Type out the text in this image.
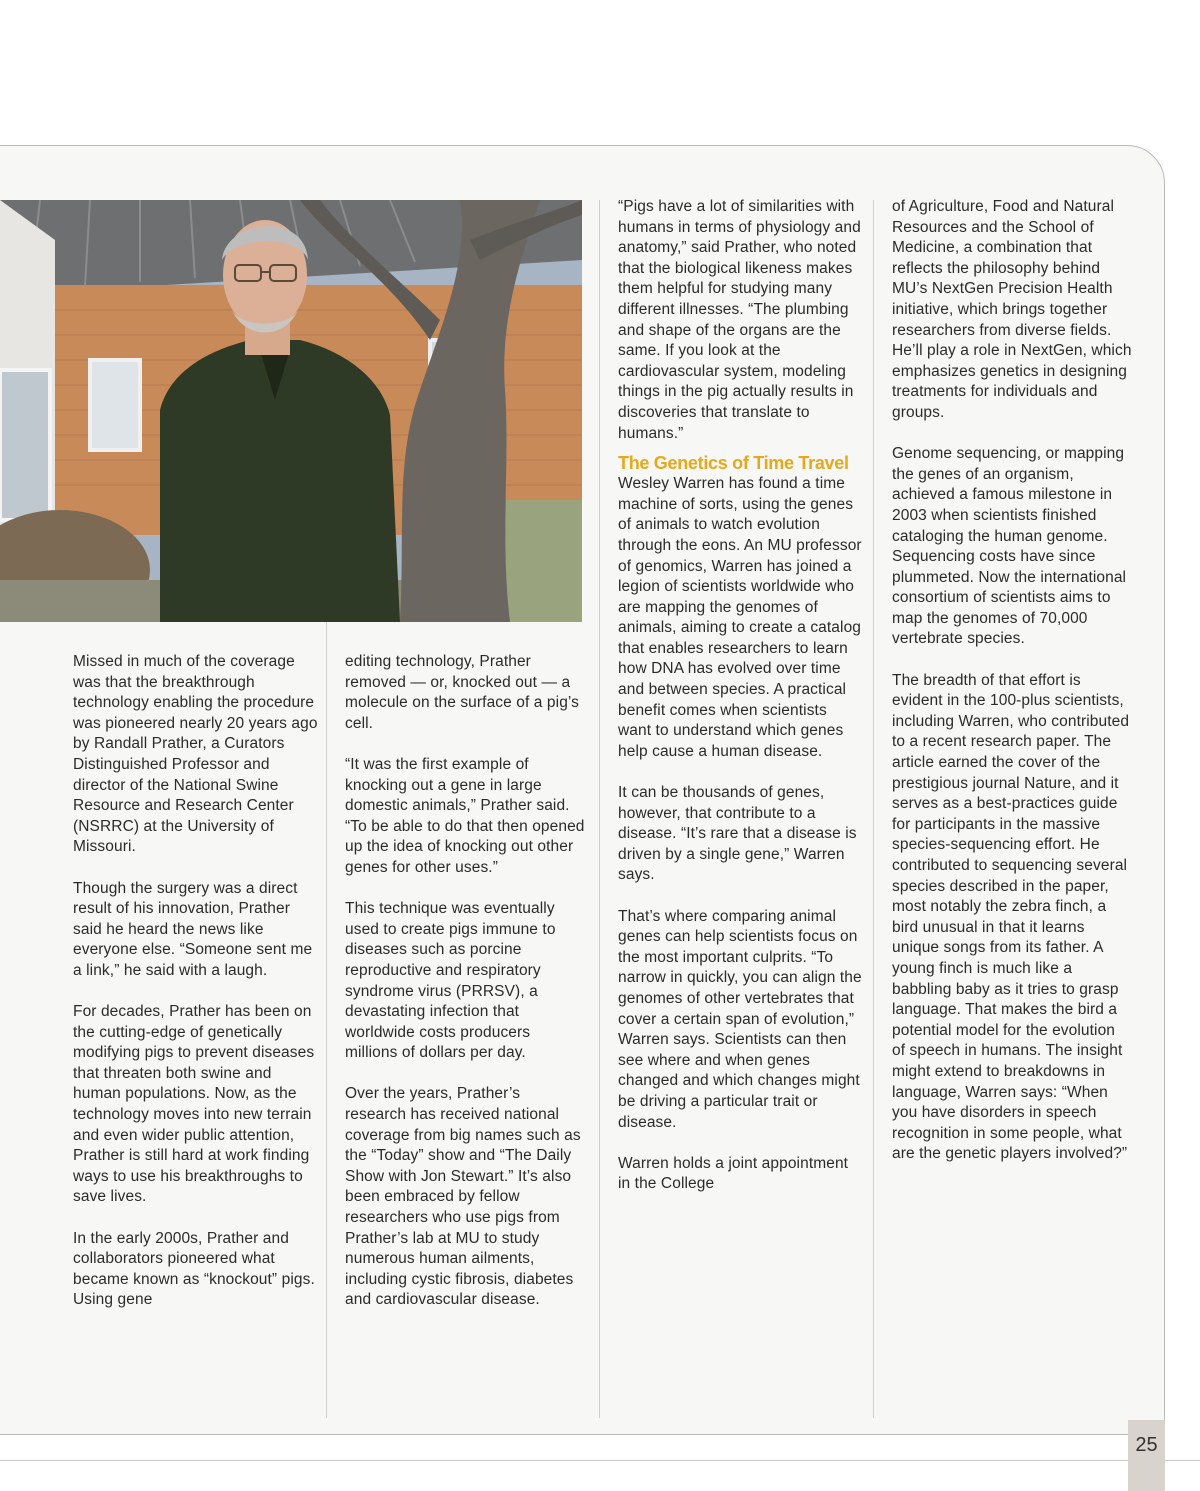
Missed in much of the coverage was that the breakthrough technology enabling the procedure was pioneered nearly 20 years ago by Randall Prather, a Curators Distinguished Professor and director of the National Swine Resource and Research Center (NSRRC) at the University of Missouri.

Though the surgery was a direct result of his innovation, Prather said he heard the news like everyone else. “Someone sent me a link,” he said with a laugh.

For decades, Prather has been on the cutting-edge of genetically modifying pigs to prevent diseases that threaten both swine and human populations. Now, as the technology moves into new terrain and even wider public attention, Prather is still hard at work finding ways to use his breakthroughs to save lives.

In the early 2000s, Prather and collaborators pioneered what became known as “knockout” pigs. Using gene

editing technology, Prather removed — or, knocked out — a molecule on the surface of a pig’s cell.

“It was the first example of knocking out a gene in large domestic animals,” Prather said. “To be able to do that then opened up the idea of knocking out other genes for other uses.”

This technique was eventually used to create pigs immune to diseases such as porcine reproductive and respiratory syndrome virus (PRRSV), a devastating infection that worldwide costs producers millions of dollars per day.

Over the years, Prather’s research has received national coverage from big names such as the “Today” show and “The Daily Show with Jon Stewart.” It’s also been embraced by fellow researchers who use pigs from Prather’s lab at MU to study numerous human ailments, including cystic fibrosis, diabetes and cardiovascular disease.

“Pigs have a lot of similarities with humans in terms of physiology and anatomy,” said Prather, who noted that the biological likeness makes them helpful for studying many different illnesses. “The plumbing and shape of the organs are the same. If you look at the cardiovascular system, modeling things in the pig actually results in discoveries that translate to humans.”

The Genetics of Time Travel

Wesley Warren has found a time machine of sorts, using the genes of animals to watch evolution through the eons. An MU professor of genomics, Warren has joined a legion of scientists worldwide who are mapping the genomes of animals, aiming to create a catalog that enables researchers to learn how DNA has evolved over time and between species. A practical benefit comes when scientists want to understand which genes help cause a human disease.

It can be thousands of genes, however, that contribute to a disease. “It’s rare that a disease is driven by a single gene,” Warren says.

That’s where comparing animal genes can help scientists focus on the most important culprits. “To narrow in quickly, you can align the genomes of other vertebrates that cover a certain span of evolution,” Warren says. Scientists can then see where and when genes changed and which changes might be driving a particular trait or disease.

Warren holds a joint appointment in the College

of Agriculture, Food and Natural Resources and the School of Medicine, a combination that reflects the philosophy behind MU’s NextGen Precision Health initiative, which brings together researchers from diverse fields. He’ll play a role in NextGen, which emphasizes genetics in designing treatments for individuals and groups.

Genome sequencing, or mapping the genes of an organism, achieved a famous milestone in 2003 when scientists finished cataloging the human genome. Sequencing costs have since plummeted. Now the international consortium of scientists aims to map the genomes of 70,000 vertebrate species.

The breadth of that effort is evident in the 100-plus scientists, including Warren, who contributed to a recent research paper. The article earned the cover of the prestigious journal Nature, and it serves as a best-practices guide for participants in the massive species-sequencing effort. He contributed to sequencing several species described in the paper, most notably the zebra finch, a bird unusual in that it learns unique songs from its father. A young finch is much like a babbling baby as it tries to grasp language. That makes the bird a potential model for the evolution of speech in humans. The insight might extend to breakdowns in language, Warren says: “When you have disorders in speech recognition in some people, what are the genetic players involved?”

25
